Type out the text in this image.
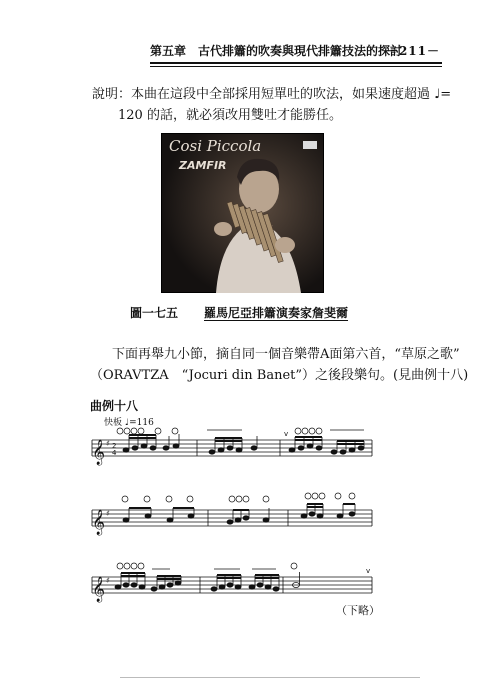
第五章　古代排簫的吹奏與現代排簫技法的探討
－211－
說明：本曲在這段中全部採用短單吐的吹法，如果速度超過 ♩=
120 的話，就必須改用雙吐才能勝任。
Cosi Piccola
ZAMFIR
圖一七五 羅馬尼亞排簫演奏家詹斐爾
下面再舉九小節，摘自同一個音樂帶A面第六首，“草原之歌”
（ORAVTZA　“Jocuri din Banet”）之後段樂句。(見曲例十八)
曲例十八
快板 ♩=116
𝄞
𝄞
𝄞
♯
♯
♯
2
4
v
v
（下略）
